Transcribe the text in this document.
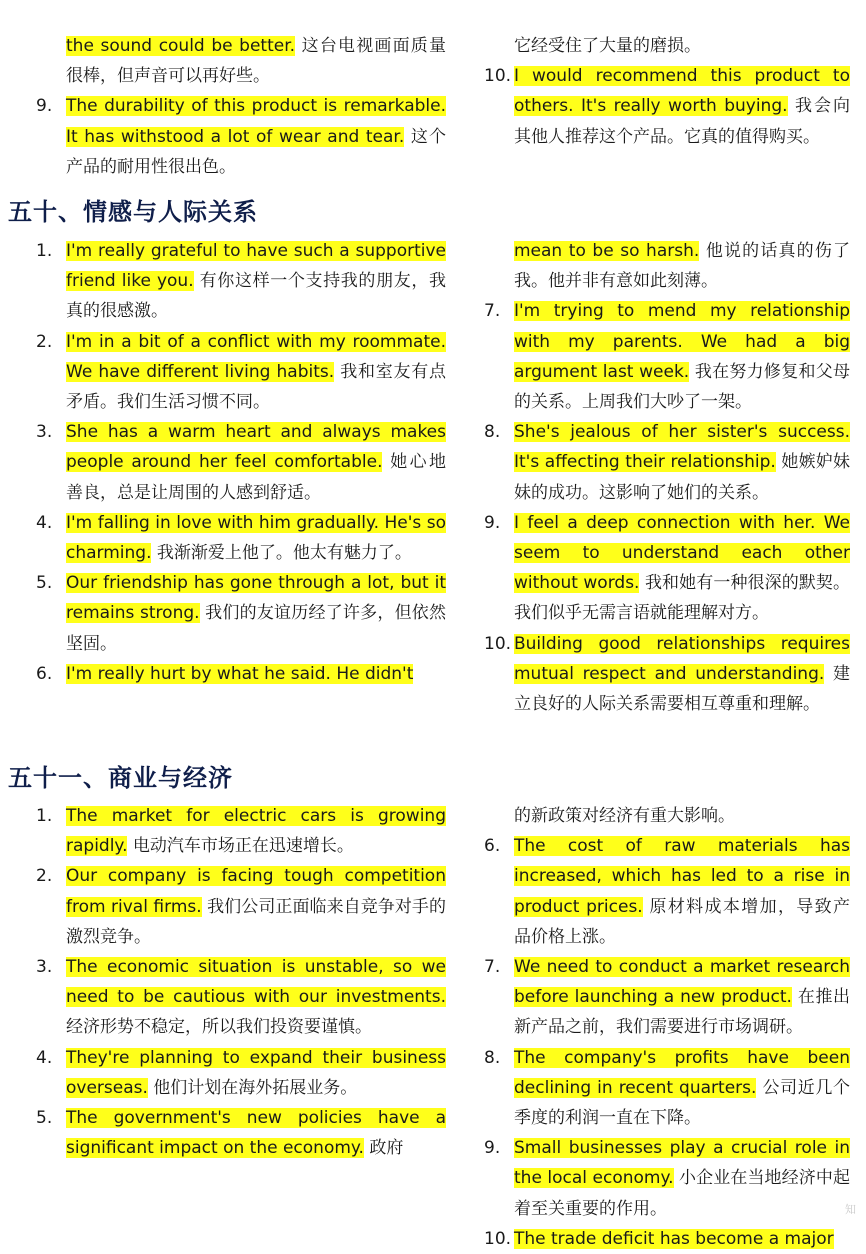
the sound could be better. 这台电视画面质量很棒，但声音可以再好些。
9. The durability of this product is remarkable. It has withstood a lot of wear and tear. 这个产品的耐用性很出色。
它经受住了大量的磨损。
10. I would recommend this product to others. It's really worth buying. 我会向其他人推荐这个产品。它真的值得购买。
五十、情感与人际关系
1. I'm really grateful to have such a supportive friend like you. 有你这样一个支持我的朋友，我真的很感激。
2. I'm in a bit of a conflict with my roommate. We have different living habits. 我和室友有点矛盾。我们生活习惯不同。
3. She has a warm heart and always makes people around her feel comfortable. 她心地善良，总是让周围的人感到舒适。
4. I'm falling in love with him gradually. He's so charming. 我渐渐爱上他了。他太有魅力了。
5. Our friendship has gone through a lot, but it remains strong. 我们的友谊历经了许多，但依然坚固。
6. I'm really hurt by what he said. He didn't
mean to be so harsh. 他说的话真的伤了我。他并非有意如此刻薄。
7. I'm trying to mend my relationship with my parents. We had a big argument last week. 我在努力修复和父母的关系。上周我们大吵了一架。
8. She's jealous of her sister's success. It's affecting their relationship. 她嫉妒妹妹的成功。这影响了她们的关系。
9. I feel a deep connection with her. We seem to understand each other without words. 我和她有一种很深的默契。我们似乎无需言语就能理解对方。
10. Building good relationships requires mutual respect and understanding. 建立良好的人际关系需要相互尊重和理解。
五十一、商业与经济
1. The market for electric cars is growing rapidly. 电动汽车市场正在迅速增长。
2. Our company is facing tough competition from rival firms. 我们公司正面临来自竞争对手的激烈竞争。
3. The economic situation is unstable, so we need to be cautious with our investments. 经济形势不稳定，所以我们投资要谨慎。
4. They're planning to expand their business overseas. 他们计划在海外拓展业务。
5. The government's new policies have a significant impact on the economy. 政府
的新政策对经济有重大影响。
6. The cost of raw materials has increased, which has led to a rise in product prices. 原材料成本增加，导致产品价格上涨。
7. We need to conduct a market research before launching a new product. 在推出新产品之前，我们需要进行市场调研。
8. The company's profits have been declining in recent quarters. 公司近几个季度的利润一直在下降。
9. Small businesses play a crucial role in the local economy. 小企业在当地经济中起着至关重要的作用。
10. The trade deficit has become a major
知
